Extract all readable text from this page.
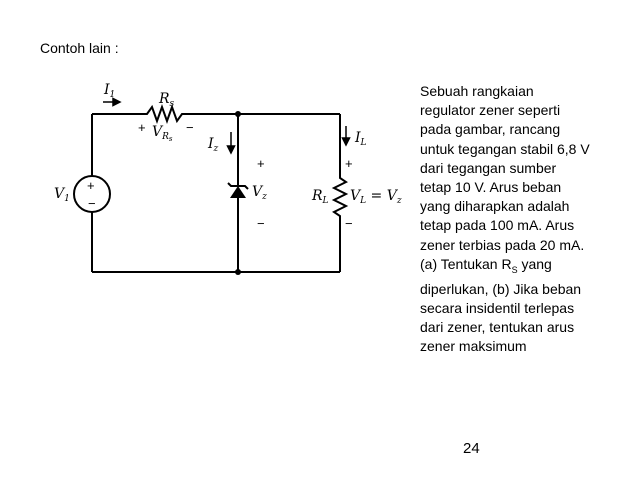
Contoh lain :
$I_1$	$R_s$
+ $V_Rs$
−
+
−
$V_1$
$I_z$
+
$V_z$
−
$I_L$
+
$R_L$ $V_L = V_z$
−
Sebuah rangkaian
regulator zener seperti
pada gambar, rancang
untuk tegangan stabil 6,8 V
dari tegangan sumber
tetap 10 V. Arus beban
yang diharapkan adalah
tetap pada 100 mA. Arus
zener terbias pada 20 mA.
(a) Tentukan $R_S$ yang
diperlukan, (b) Jika beban
secara insidentil terlepas
dari zener, tentukan arus
zener maksimum
24
